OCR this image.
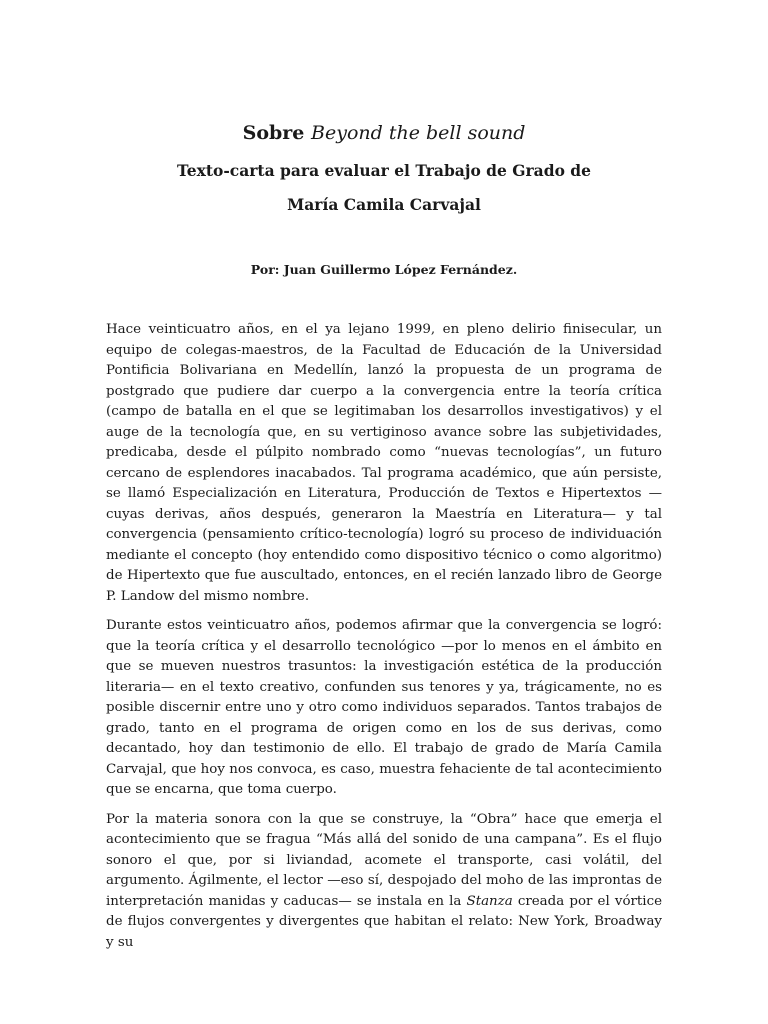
Sobre Beyond the bell sound
Texto-carta para evaluar el Trabajo de Grado de
María Camila Carvajal
Por: Juan Guillermo López Fernández.

Hace veinticuatro años, en el ya lejano 1999, en pleno delirio finisecular, un equipo de colegas-maestros, de la Facultad de Educación de la Universidad Pontificia Bolivariana en Medellín, lanzó la propuesta de un programa de postgrado que pudiere dar cuerpo a la convergencia entre la teoría crítica (campo de batalla en el que se legitimaban los desarrollos investigativos) y el auge de la tecnología que, en su vertiginoso avance sobre las subjetividades, predicaba, desde el púlpito nombrado como “nuevas tecnologías”, un futuro cercano de esplendores inacabados. Tal programa académico, que aún persiste, se llamó Especialización en Literatura, Producción de Textos e Hipertextos —cuyas derivas, años después, generaron la Maestría en Literatura— y tal convergencia (pensamiento crítico-tecnología) logró su proceso de individuación mediante el concepto (hoy entendido como dispositivo técnico o como algoritmo) de Hipertexto que fue auscultado, entonces, en el recién lanzado libro de George P. Landow del mismo nombre.

Durante estos veinticuatro años, podemos afirmar que la convergencia se logró: que la teoría crítica y el desarrollo tecnológico —por lo menos en el ámbito en que se mueven nuestros trasuntos: la investigación estética de la producción literaria— en el texto creativo, confunden sus tenores y ya, trágicamente, no es posible discernir entre uno y otro como individuos separados. Tantos trabajos de grado, tanto en el programa de origen como en los de sus derivas, como decantado, hoy dan testimonio de ello. El trabajo de grado de María Camila Carvajal, que hoy nos convoca, es caso, muestra fehaciente de tal acontecimiento que se encarna, que toma cuerpo.

Por la materia sonora con la que se construye, la “Obra” hace que emerja el acontecimiento que se fragua “Más allá del sonido de una campana”. Es el flujo sonoro el que, por si liviandad, acomete el transporte, casi volátil, del argumento. Ágilmente, el lector —eso sí, despojado del moho de las improntas de interpretación manidas y caducas— se instala en la Stanza creada por el vórtice de flujos convergentes y divergentes que habitan el relato: New York, Broadway y su
